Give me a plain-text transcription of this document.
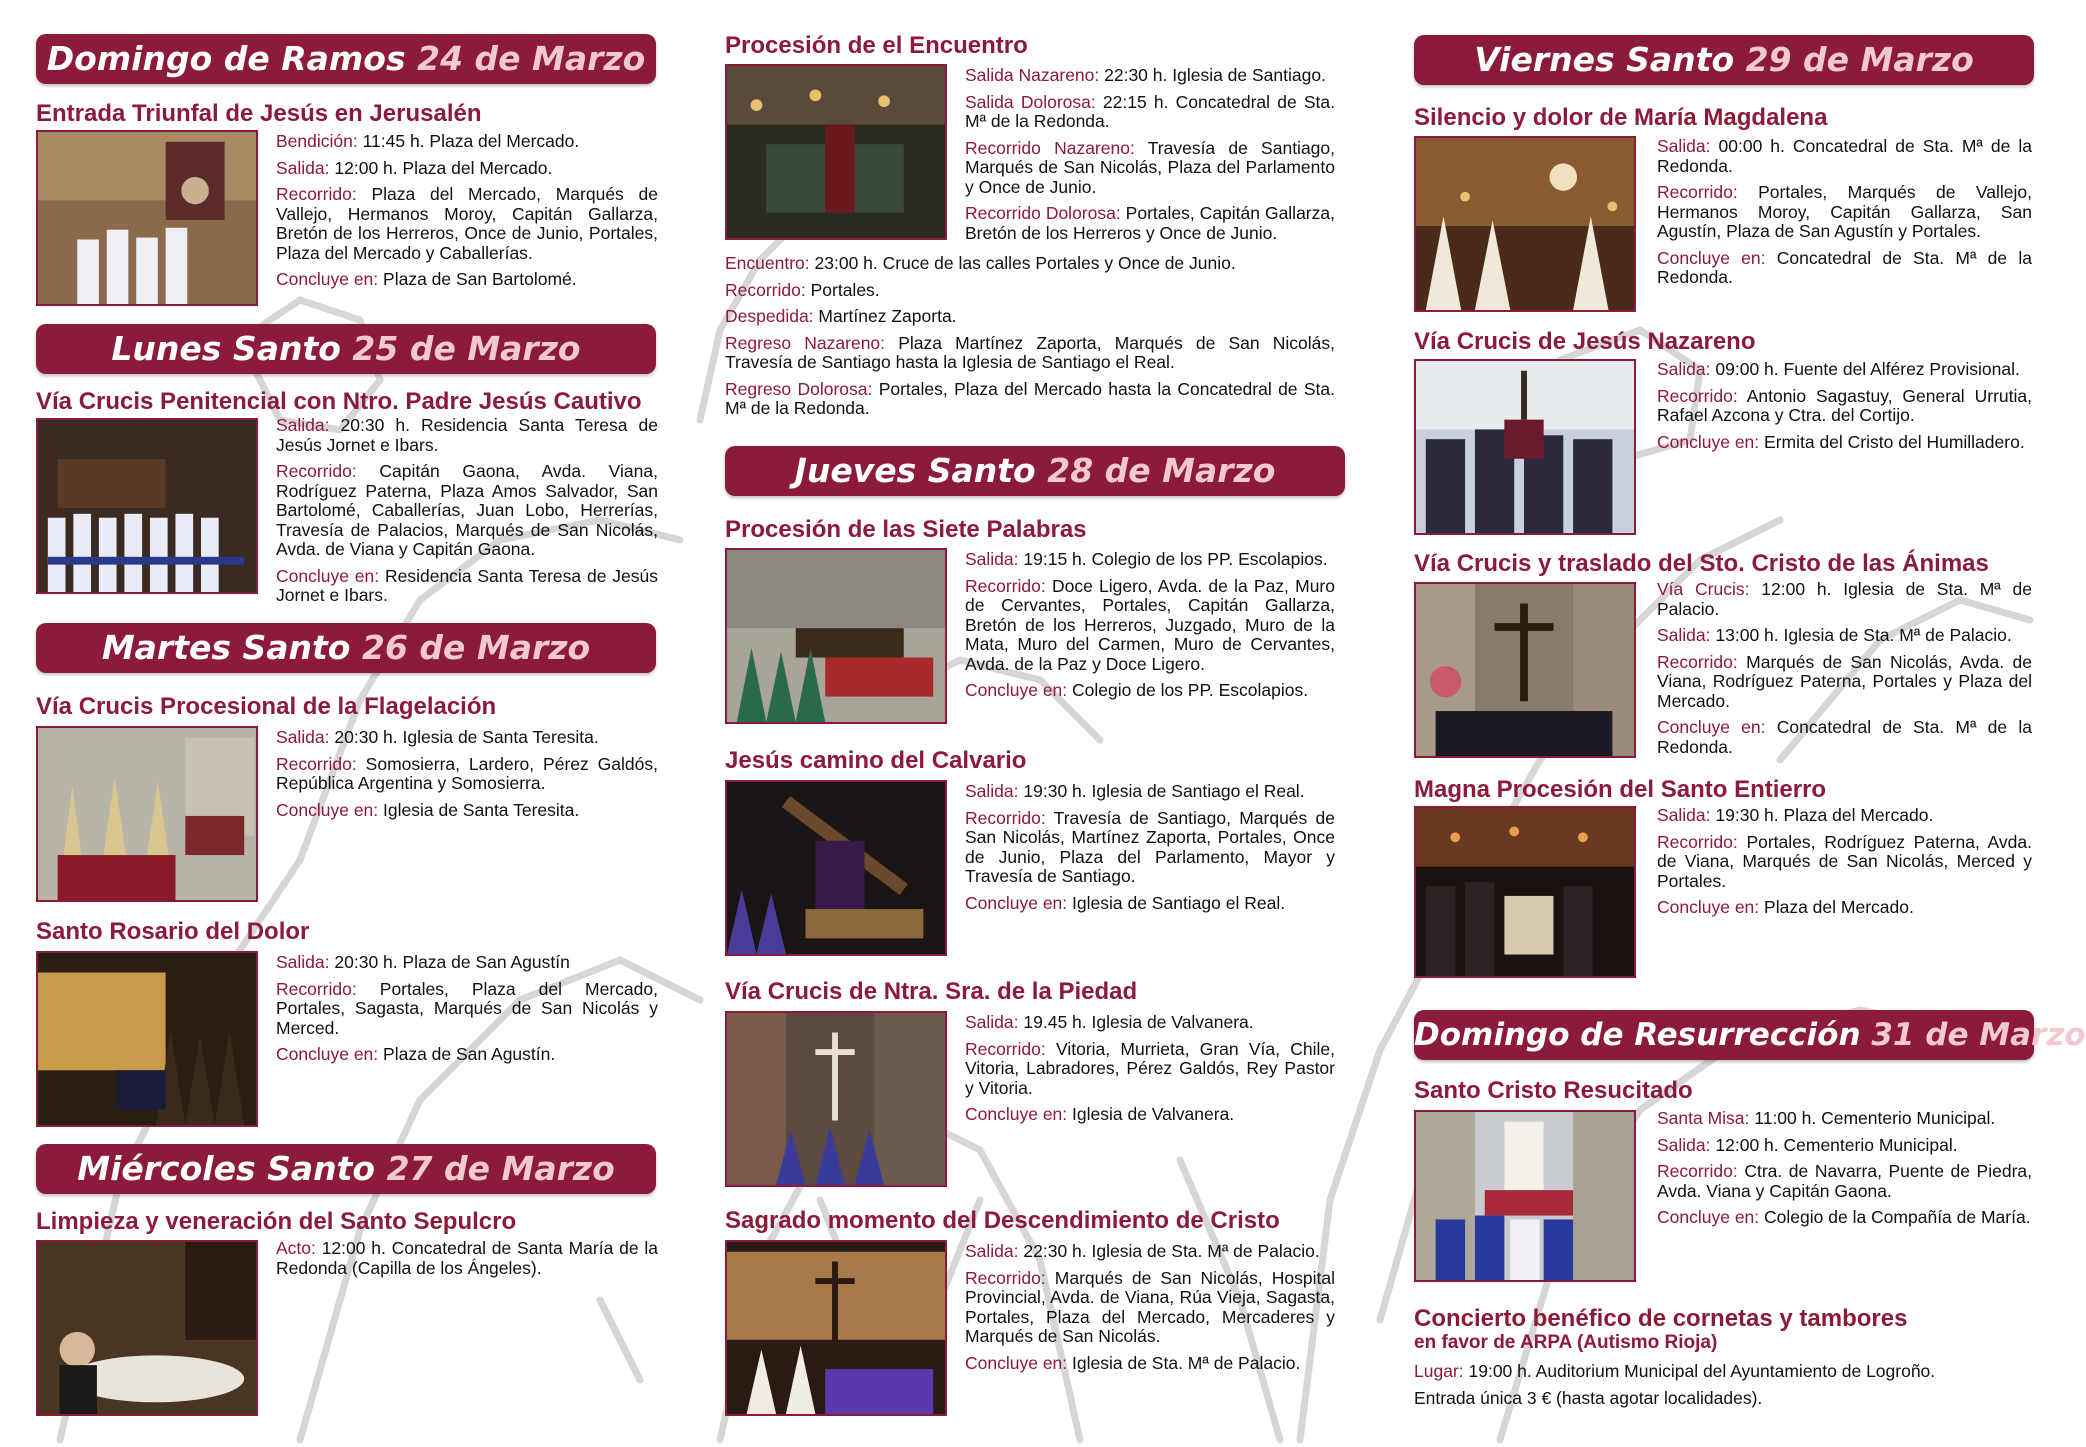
Domingo de Ramos 24 de Marzo
Entrada Triunfal de Jesús en Jerusalén

Bendición: 11:45 h. Plaza del Mercado.

Salida: 12:00 h. Plaza del Mercado.

Recorrido: Plaza del Mercado, Marqués de Vallejo, Hermanos Moroy, Capitán Gallarza, Bretón de los Herreros, Once de Junio, Portales, Plaza del Mercado y Caballerías.

Concluye en: Plaza de San Bartolomé.

Lunes Santo 25 de Marzo
Vía Crucis Penitencial con Ntro. Padre Jesús Cautivo

Salida: 20:30 h. Residencia Santa Teresa de Jesús Jornet e Ibars.

Recorrido: Capitán Gaona, Avda. Viana, Rodríguez Paterna, Plaza Amos Salvador, San Bartolomé, Caballerías, Juan Lobo, Herrerías, Travesía de Palacios, Marqués de San Nicolás, Avda. de Viana y Capitán Gaona.

Concluye en: Residencia Santa Teresa de Jesús Jornet e Ibars.

Martes Santo 26 de Marzo
Vía Crucis Procesional de la Flagelación

Salida: 20:30 h. Iglesia de Santa Teresita.

Recorrido: Somosierra, Lardero, Pérez Galdós, República Argentina y Somosierra.

Concluye en: Iglesia de Santa Teresita.

Santo Rosario del Dolor

Salida: 20:30 h. Plaza de San Agustín

Recorrido: Portales, Plaza del Mercado, Portales, Sagasta, Marqués de San Nicolás y Merced.

Concluye en: Plaza de San Agustín.

Miércoles Santo 27 de Marzo
Limpieza y veneración del Santo Sepulcro

Acto: 12:00 h. Concatedral de Santa María de la Redonda (Capilla de los Ángeles).

Procesión de el Encuentro

Salida Nazareno: 22:30 h. Iglesia de Santiago.

Salida Dolorosa: 22:15 h. Concatedral de Sta. Mª de la Redonda.

Recorrido Nazareno: Travesía de Santiago, Marqués de San Nicolás, Plaza del Parlamento y Once de Junio.

Recorrido Dolorosa: Portales, Capitán Gallarza, Bretón de los Herreros y Once de Junio.

Encuentro: 23:00 h. Cruce de las calles Portales y Once de Junio.

Recorrido: Portales.

Despedida: Martínez Zaporta.

Regreso Nazareno: Plaza Martínez Zaporta, Marqués de San Nicolás, Travesía de Santiago hasta la Iglesia de Santiago el Real.

Regreso Dolorosa: Portales, Plaza del Mercado hasta la Concatedral de Sta. Mª de la Redonda.

Jueves Santo 28 de Marzo
Procesión de las Siete Palabras

Salida: 19:15 h. Colegio de los PP. Escolapios.

Recorrido: Doce Ligero, Avda. de la Paz, Muro de Cervantes, Portales, Capitán Gallarza, Bretón de los Herreros, Juzgado, Muro de la Mata, Muro del Carmen, Muro de Cervantes, Avda. de la Paz y Doce Ligero.

Concluye en: Colegio de los PP. Escolapios.

Jesús camino del Calvario

Salida: 19:30 h. Iglesia de Santiago el Real.

Recorrido: Travesía de Santiago, Marqués de San Nicolás, Martínez Zaporta, Portales, Once de Junio, Plaza del Parlamento, Mayor y Travesía de Santiago.

Concluye en: Iglesia de Santiago el Real.

Vía Crucis de Ntra. Sra. de la Piedad

Salida: 19.45 h. Iglesia de Valvanera.

Recorrido: Vitoria, Murrieta, Gran Vía, Chile, Vitoria, Labradores, Pérez Galdós, Rey Pastor y Vitoria.

Concluye en: Iglesia de Valvanera.

Sagrado momento del Descendimiento de Cristo

Salida: 22:30 h. Iglesia de Sta. Mª de Palacio.

Recorrido: Marqués de San Nicolás, Hospital Provincial, Avda. de Viana, Rúa Vieja, Sagasta, Portales, Plaza del Mercado, Mercaderes y Marqués de San Nicolás.

Concluye en: Iglesia de Sta. Mª de Palacio.

Viernes Santo 29 de Marzo
Silencio y dolor de María Magdalena

Salida: 00:00 h. Concatedral de Sta. Mª de la Redonda.

Recorrido: Portales, Marqués de Vallejo, Hermanos Moroy, Capitán Gallarza, San Agustín, Plaza de San Agustín y Portales.

Concluye en: Concatedral de Sta. Mª de la Redonda.

Vía Crucis de Jesús Nazareno

Salida: 09:00 h. Fuente del Alférez Provisional.

Recorrido: Antonio Sagastuy, General Urrutia, Rafael Azcona y Ctra. del Cortijo.

Concluye en: Ermita del Cristo del Humilladero.

Vía Crucis y traslado del Sto. Cristo de las Ánimas

Vía Crucis: 12:00 h. Iglesia de Sta. Mª de Palacio.

Salida: 13:00 h. Iglesia de Sta. Mª de Palacio.

Recorrido: Marqués de San Nicolás, Avda. de Viana, Rodríguez Paterna, Portales y Plaza del Mercado.

Concluye en: Concatedral de Sta. Mª de la Redonda.

Magna Procesión del Santo Entierro

Salida: 19:30 h. Plaza del Mercado.

Recorrido: Portales, Rodríguez Paterna, Avda. de Viana, Marqués de San Nicolás, Merced y Portales.

Concluye en: Plaza del Mercado.

Domingo de Resurrección 31 de Marzo
Santo Cristo Resucitado

Santa Misa: 11:00 h. Cementerio Municipal.

Salida: 12:00 h. Cementerio Municipal.

Recorrido: Ctra. de Navarra, Puente de Piedra, Avda. Viana y Capitán Gaona.

Concluye en: Colegio de la Compañía de María.

Concierto benéfico de cornetas y tambores
en favor de ARPA (Autismo Rioja)

Lugar: 19:00 h. Auditorium Municipal del Ayuntamiento de Logroño.

Entrada única 3 € (hasta agotar localidades).
